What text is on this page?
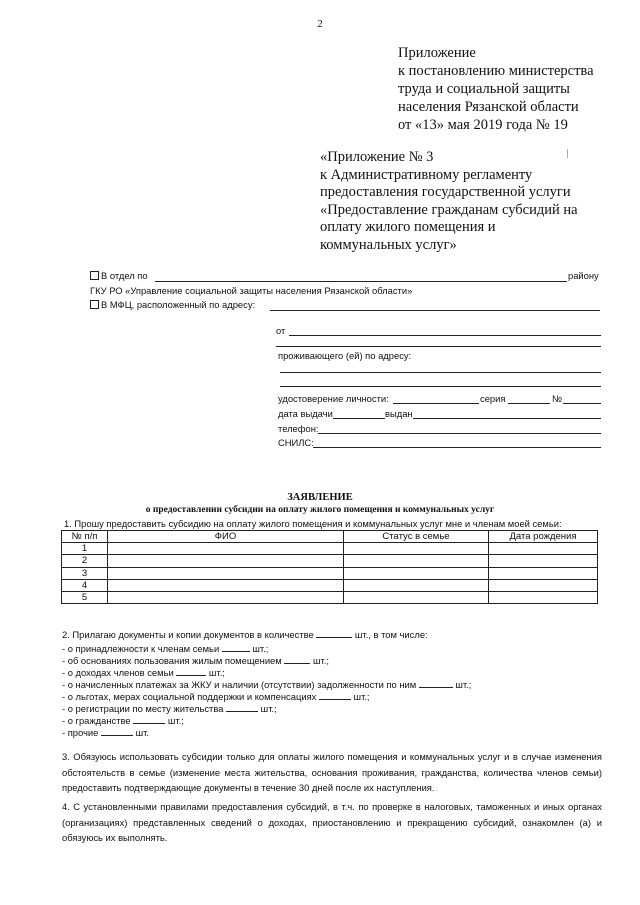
2
Приложение
к постановлению министерства
труда и социальной защиты
населения Рязанской области
от «13» мая 2019 года № 19
«Приложение № 3
к Административному регламенту
предоставления государственной услуги
«Предоставление гражданам субсидий на
оплату жилого помещения и
коммунальных услуг»
В отдел по	району
ГКУ РО «Управление социальной защиты населения Рязанской области»
В МФЦ, расположенный по адресу:
от
проживающего (ей) по адресу:
удостоверение личности:	серия	№
дата выдачи	выдан
телефон:
СНИЛС:
ЗАЯВЛЕНИЕ
о предоставлении субсидии на оплату жилого помещения и коммунальных услуг
1. Прошу предоставить субсидию на оплату жилого помещения и коммунальных услуг мне и членам моей семьи:
№ п/п	ФИО	Статус в семье	Дата рождения
1			
2			
3			
4			
5			
2. Прилагаю документы и копии документов в количестве	шт., в том числе:
- о принадлежности к членам семьи	шт.;
- об основаниях пользования жилым помещением	шт.;
- о доходах членов семьи	шт.;
- о начисленных платежах за ЖКУ и наличии (отсутствии) задолженности по ним	шт.;
- о льготах, мерах социальной поддержки и компенсациях	шт.;
- о регистрации по месту жительства	шт.;
- о гражданстве	шт.;
- прочие	шт.
3. Обязуюсь использовать субсидии только для оплаты жилого помещения и коммунальных услуг и в случае изменения обстоятельств в семье (изменение места жительства, основания проживания, гражданства, количества членов семьи) предоставить подтверждающие документы в течение 30 дней после их наступления.
4. С установленными правилами предоставления субсидий, в т.ч. по проверке в налоговых, таможенных и иных органах (организациях) представленных сведений о доходах, приостановлению и прекращению субсидий, ознакомлен (а) и обязуюсь их выполнять.
